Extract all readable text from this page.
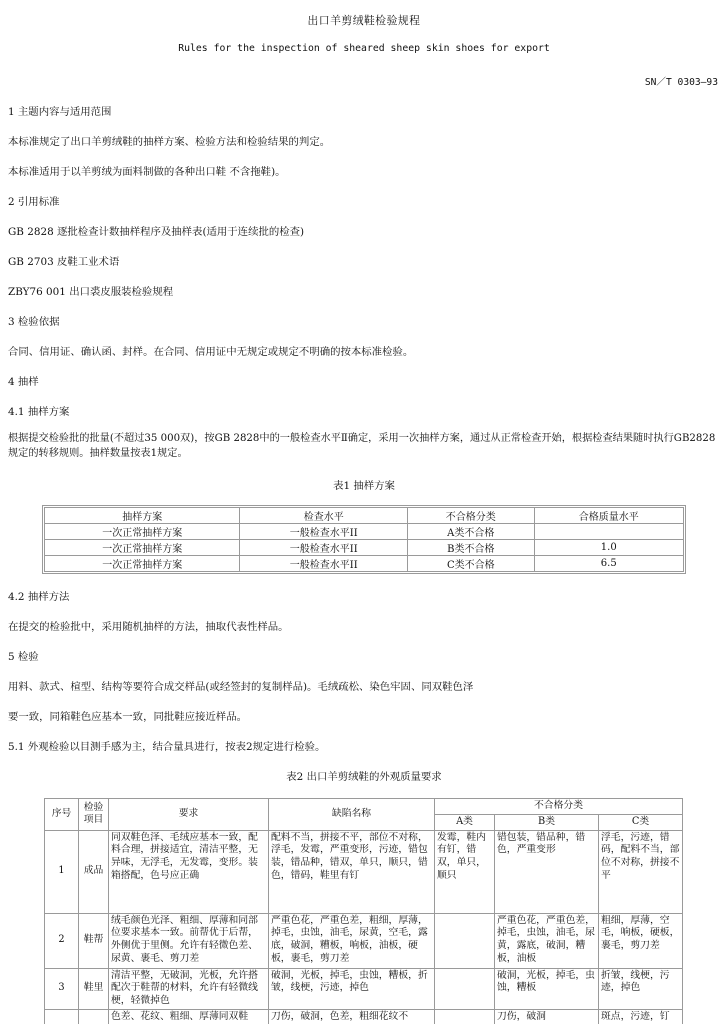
出口羊剪绒鞋检验规程
Rules for the inspection of sheared sheep skin shoes for export
SN／T 0303—93
1 主题内容与适用范围
本标准规定了出口羊剪绒鞋的抽样方案、检验方法和检验结果的判定。
本标准适用于以羊剪绒为面料制做的各种出口鞋 不含拖鞋)。
2 引用标准
GB 2828 逐批检查计数抽样程序及抽样表(适用于连续批的检查)
GB 2703 皮鞋工业术语
ZBY76 001 出口裘皮服装检验规程
3 检验依据
合同、信用证、确认函、封样。在合同、信用证中无规定或规定不明确的按本标准检验。
4 抽样
4.1 抽样方案
根据提交检验批的批量(不超过35 000双)，按GB 2828中的一般检查水平Ⅱ确定，采用一次抽样方案，通过从正常检查开始，根据检查结果随时执行GB2828规定的转移规则。抽样数量按表1规定。
表1 抽样方案
抽样方案	检查水平	不合格分类	合格质量水平
一次正常抽样方案	一般检查水平II	A类不合格	
一次正常抽样方案	一般检查水平II	B类不合格	1.0
一次正常抽样方案	一般检查水平II	C类不合格	6.5
4.2 抽样方法
在提交的检验批中，采用随机抽样的方法，抽取代表性样品。
5 检验
用料、款式、楦型、结构等要符合成交样品(或经签封的复制样品)。毛绒疏松、染色牢固、同双鞋色泽
要一致，同箱鞋色应基本一致，同批鞋应接近样品。
5.1 外观检验以目测手感为主，结合量具进行，按表2规定进行检验。
表2 出口羊剪绒鞋的外观质量要求
序号	检验项目	要求	缺陷名称	不合格分类		
				A类	B类	C类
1	成品	同双鞋色泽、毛绒应基本一致，配料合理，拼接适宜，清洁平整，无异味，无浮毛，无发霉，变形。装箱搭配，色号应正确	配料不当，拼接不平，部位不对称，浮毛，发霉，严重变形，污迹，错包装，错品种，错双，单只，顺只，错色，错码，鞋里有钉	发霉，鞋内有钉，错双，单只，顺只	错包装，错品种，错色，严重变形	浮毛，污迹，错码，配料不当，部位不对称，拼接不平
2	鞋帮	绒毛颜色光泽、粗细、厚薄和同部位要求基本一致。前帮优于后帮，外侧优于里侧。允许有轻微色差、尿黄、裹毛、剪刀差	严重色花，严重色差，粗细，厚薄，掉毛，虫蚀，油毛，尿黄，空毛，露底，破洞，糟板，响板，油板，硬板，裹毛，剪刀差		严重色花，严重色差，掉毛，虫蚀，油毛，尿黄，露底，破洞，糟板，油板	粗细，厚薄，空毛，响板，硬板，裹毛，剪刀差
3	鞋里	清洁平整，无破洞，光板，允许搭配次于鞋帮的材料，允许有轻微线梗，轻微掉色	破洞，光板，掉毛，虫蚀，糟板，折皱，线梗，污迹，掉色		破洞，光板，掉毛，虫蚀，糟板	折皱，线梗，污迹，掉色
		色差、花纹、粗细、厚薄同双鞋	刀伤，破洞，色差，粗细花纹不		刀伤，破洞	斑点，污迹，钉
